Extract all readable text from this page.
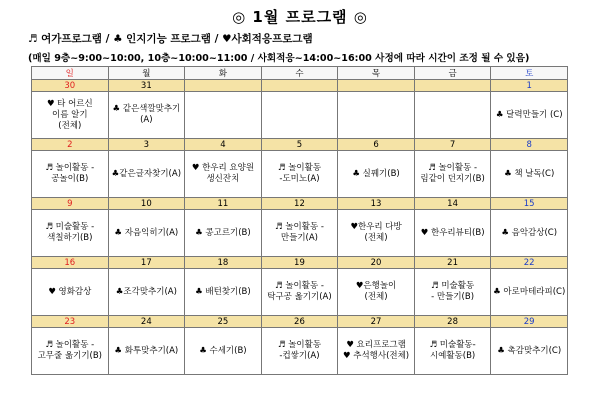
◎ 1월 프로그램 ◎
♬ 여가프로그램 / ♣ 인지기능 프로그램 / ♥사회적응프로그램
(매일 9층~9:00~10:00, 10층~10:00~11:00 / 사회적응~14:00~16:00 사정에 따라 시간이 조정 될 수 있음)
일	월	화	수	목	금	토
30	31					1
♥ 타 어르신
이름 알기
(전체)	♣ 같은색깔맞추기
(A)					♣ 달력만들기 (C)
2	3	4	5	6	7	8
♬ 놀이활동 -
공놀이(B)	♣같은글자찾기(A)	♥ 한우리 요양원
생신잔치	♬ 놀이활동
-도미노(A)	♣ 실꿰기(B)	♬ 놀이활동 -
림같이 던지기(B)	♣ 책 날독(C)
9	10	11	12	13	14	15
♬ 미술활동 -
색칠하기(B)	♣ 자음익히기(A)	♣ 콩고르기(B)	♬ 놀이활동 -
만들기(A)	♥한우리 다방
(전체)	♥ 한우리뷰티(B)	♣ 음악감상(C)
16	17	18	19	20	21	22
♥ 영화감상	♣조각맞추기(A)	♣ 배턴찾기(B)	♬ 놀이활동 -
탁구공 옮기기(A)	♥은행놀이
(전체)	♬ 미술활동
- 만들기(B)	♣ 아로마테라피(C)
23	24	25	26	27	28	29
♬ 놀이활동 -
고무줄 옮기기(B)	♣ 화투맞추기(A)	♣ 수세기(B)	♬ 놀이활동
-컵쌓기(A)	♥ 요리프로그램
♥ 추석행사(전체)	♬ 미술활동-
시예활동(B)	♣ 촉감맞추기(C)
